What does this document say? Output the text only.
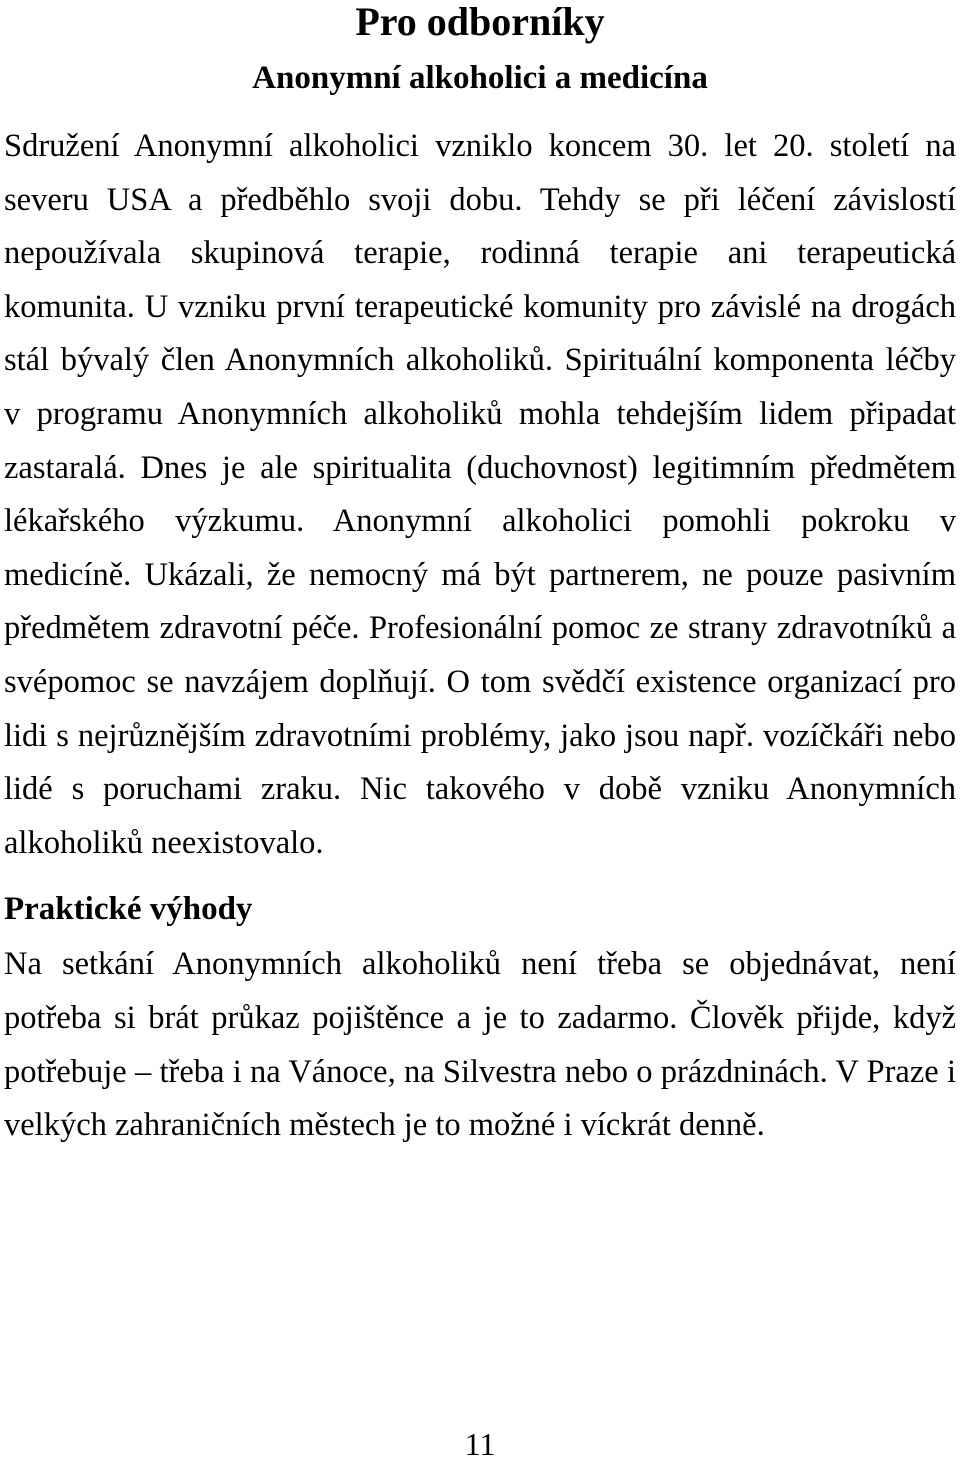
Pro odborníky
Anonymní alkoholici a medicína

Sdružení Anonymní alkoholici vzniklo koncem 30. let 20. století na severu USA a předběhlo svoji dobu. Tehdy se při léčení závislostí nepoužívala skupinová terapie, rodinná terapie ani terapeutická komunita. U vzniku první terapeutické komunity pro závislé na drogách stál bývalý člen Anonymních alkoholiků. Spirituální komponenta léčby v programu Anonymních alkoholiků mohla tehdejším lidem připadat zastaralá. Dnes je ale spiritualita (duchovnost) legitimním předmětem lékařského výzkumu. Anonymní alkoholici pomohli pokroku v medicíně. Ukázali, že nemocný má být partnerem, ne pouze pasivním předmětem zdravotní péče. Profesionální pomoc ze strany zdravotníků a svépomoc se navzájem doplňují. O tom svědčí existence organizací pro lidi s nejrůznějším zdravotními problémy, jako jsou např. vozíčkáři nebo lidé s poruchami zraku. Nic takového v době vzniku Anonymních alkoholiků neexistovalo.

Praktické výhody

Na setkání Anonymních alkoholiků není třeba se objednávat, není potřeba si brát průkaz pojištěnce a je to zadarmo. Člověk přijde, když potřebuje – třeba i na Vánoce, na Silvestra nebo o prázdninách. V Praze i velkých zahraničních městech je to možné i víckrát denně.

11
